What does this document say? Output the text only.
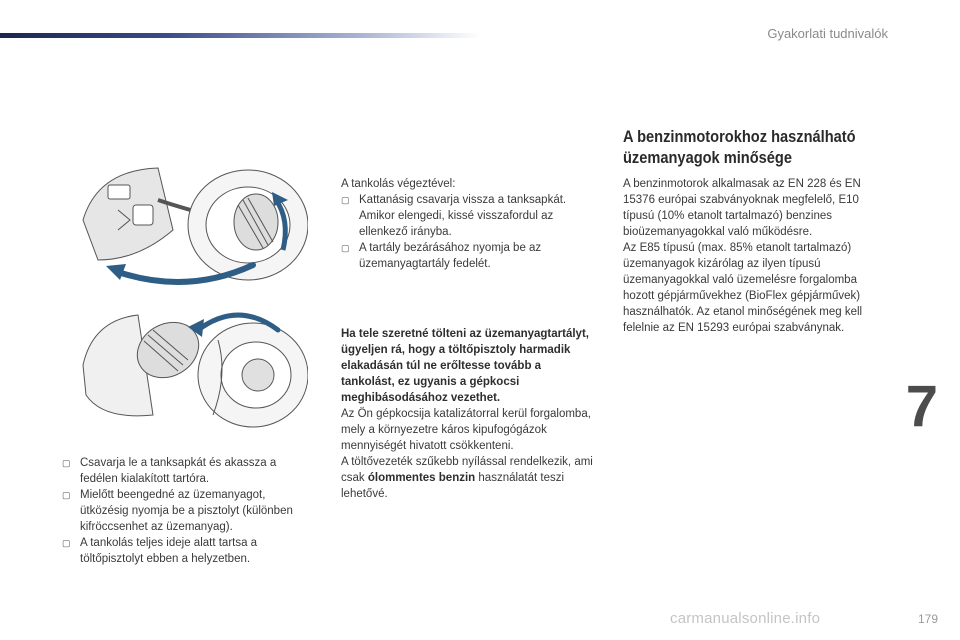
Gyakorlati tudnivalók

▢ Csavarja le a tanksapkát és akassza a fedélen kialakított tartóra.

▢ Mielőtt beengedné az üzemanyagot, ütközésig nyomja be a pisztolyt (különben kifröccsenhet az üzemanyag).

▢ A tankolás teljes ideje alatt tartsa a töltőpisztolyt ebben a helyzetben.

A tankolás végeztével:

▢ Kattanásig csavarja vissza a tanksapkát. Amikor elengedi, kissé visszafordul az ellenkező irányba.

▢ A tartály bezárásához nyomja be az üzemanyagtartály fedelét.

Ha tele szeretné tölteni az üzemanyagtartályt, ügyeljen rá, hogy a töltőpisztoly harmadik elakadásán túl ne erőltesse tovább a tankolást, ez ugyanis a gépkocsi meghibásodásához vezethet.

Az Ön gépkocsija katalizátorral kerül forgalomba, mely a környezetre káros kipufogógázok mennyiségét hivatott csökkenteni.

A töltővezeték szűkebb nyílással rendelkezik, ami csak ólommentes benzin használatát teszi lehetővé.

A benzinmotorokhoz használható üzemanyagok minősége

A benzinmotorok alkalmasak az EN 228 és EN 15376 európai szabványoknak megfelelő, E10 típusú (10% etanolt tartalmazó) benzines bioüzemanyagokkal való működésre.

Az E85 típusú (max. 85% etanolt tartalmazó) üzemanyagok kizárólag az ilyen típusú üzemanyagokkal való üzemelésre forgalomba hozott gépjárművekhez (BioFlex gépjárművek) használhatók. Az etanol minőségének meg kell felelnie az EN 15293 európai szabványnak.

7
carmanualsonline.info	179
